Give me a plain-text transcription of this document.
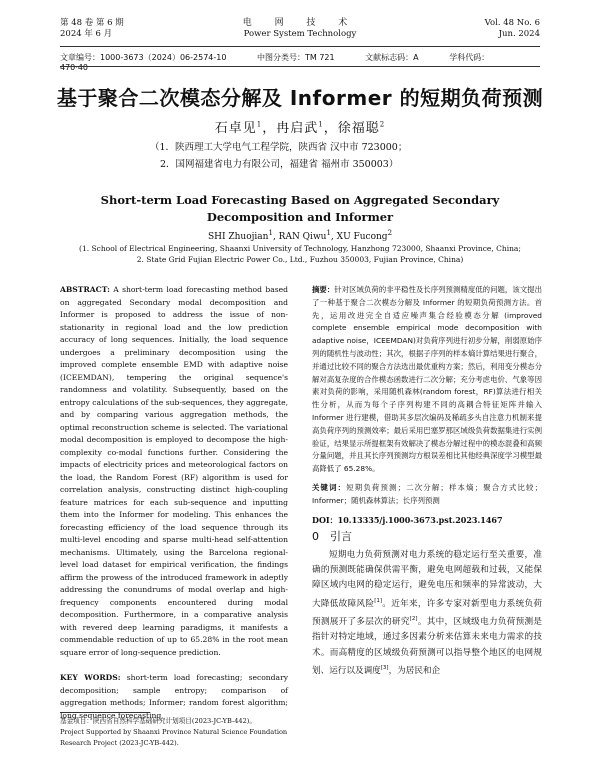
第 48 卷 第 6 期
2024 年 6 月
电 网 技 术
Power System Technology
Vol. 48 No. 6
Jun. 2024
文章编号：1000-3673（2024）06-2574-10	中图分类号：TM 721	文献标志码：A	学科代码：470·40
基于聚合二次模态分解及 Informer 的短期负荷预测
石卓见$^1$，冉启武$^1$，徐福聪$^2$
（1．陕西理工大学电气工程学院，陕西省 汉中市 723000；
2．国网福建省电力有限公司，福建省 福州市 350003）
Short-term Load Forecasting Based on Aggregated Secondary
Decomposition and Informer
SHI Zhuojian$^1$, RAN Qiwu$^1$, XU Fucong$^2$
(1. School of Electrical Engineering, Shaanxi University of Technology, Hanzhong 723000, Shaanxi Province, China;
2. State Grid Fujian Electric Power Co., Ltd., Fuzhou 350003, Fujian Province, China)
ABSTRACT: A short-term load forecasting method based on aggregated Secondary modal decomposition and Informer is proposed to address the issue of non-stationarity in regional load and the low prediction accuracy of long sequences. Initially, the load sequence undergoes a preliminary decomposition using the improved complete ensemble EMD with adaptive noise (ICEEMDAN), tempering the original sequence's randomness and volatility. Subsequently, based on the entropy calculations of the sub-sequences, they aggregate, and by comparing various aggregation methods, the optimal reconstruction scheme is selected. The variational modal decomposition is employed to decompose the high-complexity co-modal functions further. Considering the impacts of electricity prices and meteorological factors on the load, the Random Forest (RF) algorithm is used for correlation analysis, constructing distinct high-coupling feature matrices for each sub-sequence and inputting them into the Informer for modeling. This enhances the forecasting efficiency of the load sequence through its multi-level encoding and sparse multi-head self-attention mechanisms. Ultimately, using the Barcelona regional-level load dataset for empirical verification, the findings affirm the prowess of the introduced framework in adeptly addressing the conundrums of modal overlap and high-frequency components encountered during modal decomposition. Furthermore, in a comparative analysis with revered deep learning paradigms, it manifests a commendable reduction of up to 65.28% in the root mean square error of long-sequence prediction.
KEY WORDS: short-term load forecasting; secondary decomposition; sample entropy; comparison of aggregation methods; Informer; random forest algorithm; long sequence forecasting
基金项目：陕西省自然科学基础研究计划项目(2023-JC-YB-442)。
Project Supported by Shaanxi Province Natural Science Foundation Research Project (2023-JC-YB-442).
摘要：针对区域负荷的非平稳性及长序列预测精度低的问题，该文提出了一种基于聚合二次模态分解及 Informer 的短期负荷预测方法。首先，运用改进完全自适应噪声集合经验模态分解 (improved complete ensemble empirical mode decomposition with adaptive noise，ICEEMDAN)对负荷序列进行初步分解，削弱原始序列的随机性与波动性；其次，根据子序列的样本熵计算结果进行聚合，并通过比较不同的聚合方法选出最优重构方案；然后，利用变分模态分解对高复杂度的合作模态函数进行二次分解；充分考虑电价、气象等因素对负荷的影响，采用随机森林(random forest，RF)算法进行相关性分析，从而为每个子序列构建不同的高耦合特征矩阵并输入 Informer 进行建模，借助其多层次编码及稀疏多头自注意力机制来提高负荷序列的预测效率；最后采用巴塞罗那区域级负荷数据集进行实例验证，结果显示所提框架有效解决了模态分解过程中的模态混叠和高频分量问题，并且其长序列预测均方根误差相比其他经典深度学习模型最高降低了 65.28%。
关键词：短期负荷预测；二次分解；样本熵；聚合方式比较；Informer；随机森林算法；长序列预测
DOI：10.13335/j.1000-3673.pst.2023.1467
0　引言
短期电力负荷预测对电力系统的稳定运行至关重要，准确的预测既能确保供需平衡，避免电网超载和过载，又能保障区域内电网的稳定运行，避免电压和频率的异常波动，大大降低故障风险[1]。近年来，许多专家对新型电力系统负荷预测展开了多层次的研究[2]。其中，区域级电力负荷预测是指针对特定地域，通过多因素分析来估算未来电力需求的技术。而高精度的区域级负荷预测可以指导整个地区的电网规划、运行以及调度[3]，为居民和企
